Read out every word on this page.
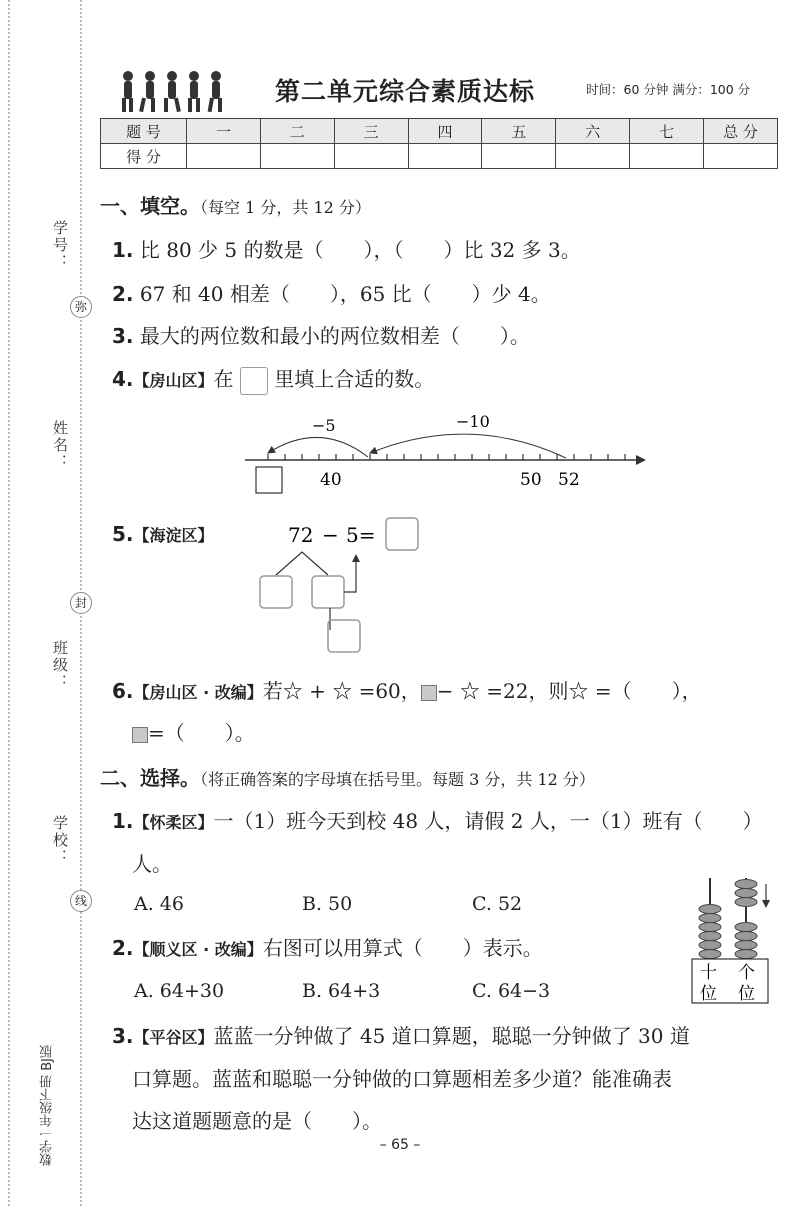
学号：
弥
姓名：
封
班级：
学校：
线
数学一年级下册 BJ版
第二单元综合素质达标	时间：60 分钟 满分：100 分
题 号	一	二	三	四	五	六	七	总 分
得 分								
一、填空。（每空 1 分，共 12 分）
1. 比 80 少 5 的数是（　　），（　　）比 32 多 3。
2. 67 和 40 相差（　　），65 比（　　）少 4。
3. 最大的两位数和最小的两位数相差（　　）。
4.【房山区】在 里填上合适的数。
−5	−10
40	50 52
5.【海淀区】	72 − 5=
6.【房山区 · 改编】若☆ + ☆ =60， − ☆ =22，则☆ =（　　），
=（　　）。
二、选择。（将正确答案的字母填在括号里。每题 3 分，共 12 分）
1.【怀柔区】一（1）班今天到校 48 人，请假 2 人，一（1）班有（　　）
人。
A. 46	B. 50	C. 52
2.【顺义区 · 改编】右图可以用算式（　　）表示。
A. 64+30	B. 64+3	C. 64−3
十 个
位 位
3.【平谷区】蓝蓝一分钟做了 45 道口算题，聪聪一分钟做了 30 道
口算题。蓝蓝和聪聪一分钟做的口算题相差多少道？能准确表
达这道题题意的是（　　）。
– 65 –
